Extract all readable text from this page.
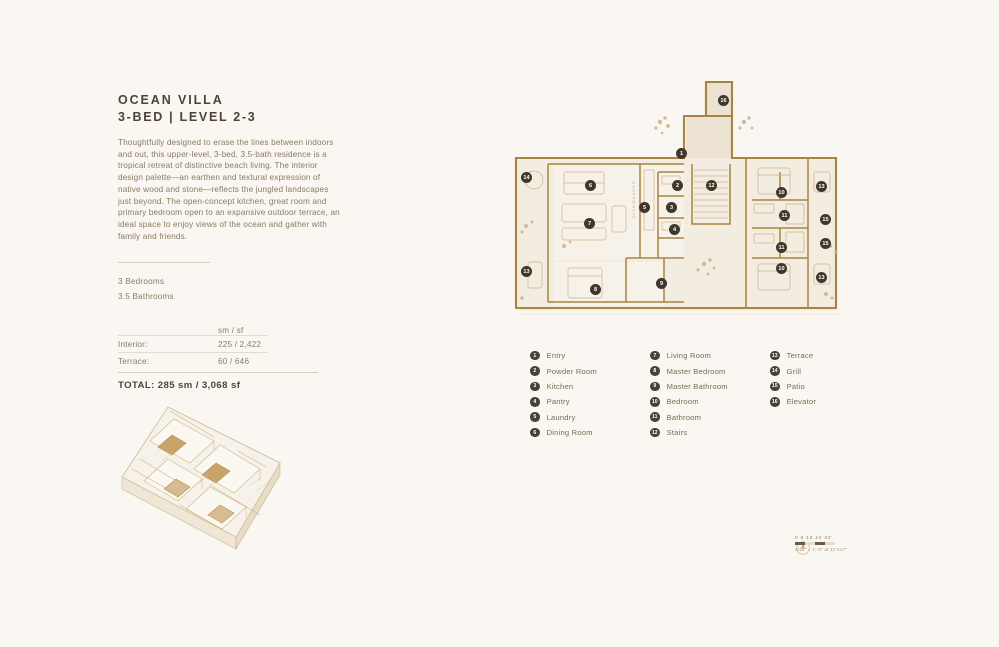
OCEAN VILLA
3-BED | LEVEL 2-3
Thoughtfully designed to erase the lines between indoors and out, this upper-level, 3-bed, 3.5-bath residence is a tropical retreat of distinctive beach living. The interior design palette—an earthen and textural expression of native wood and stone—reflects the jungled landscapes just beyond. The open-concept kitchen, great room and primary bedroom open to an expansive outdoor terrace, an ideal space to enjoy views of the ocean and gather with family and friends.
3 Bedrooms
3.5 Bathrooms
sm / sf
Interior:	225 / 2,422
Terrace:	60 / 646
TOTAL: 285 sm / 3,068 sf
DISHWASHER
1
2
3
4
5
6
7
8
9
10
10
11
11
12
13
13
13
14
15
15
16
1	Entry
2	Powder Room
3	Kitchen
4	Pantry
5	Laundry
6	Dining Room
7	Living Room
8	Master Bedroom
9	Master Bathroom
10 Bedroom
11 Bathroom
12 Stairs
13 Terrace
14 Grill
15 Patio
16 Elevator
0 8 16 24 32'
1/16" = 1'-0" at 11"x17"
